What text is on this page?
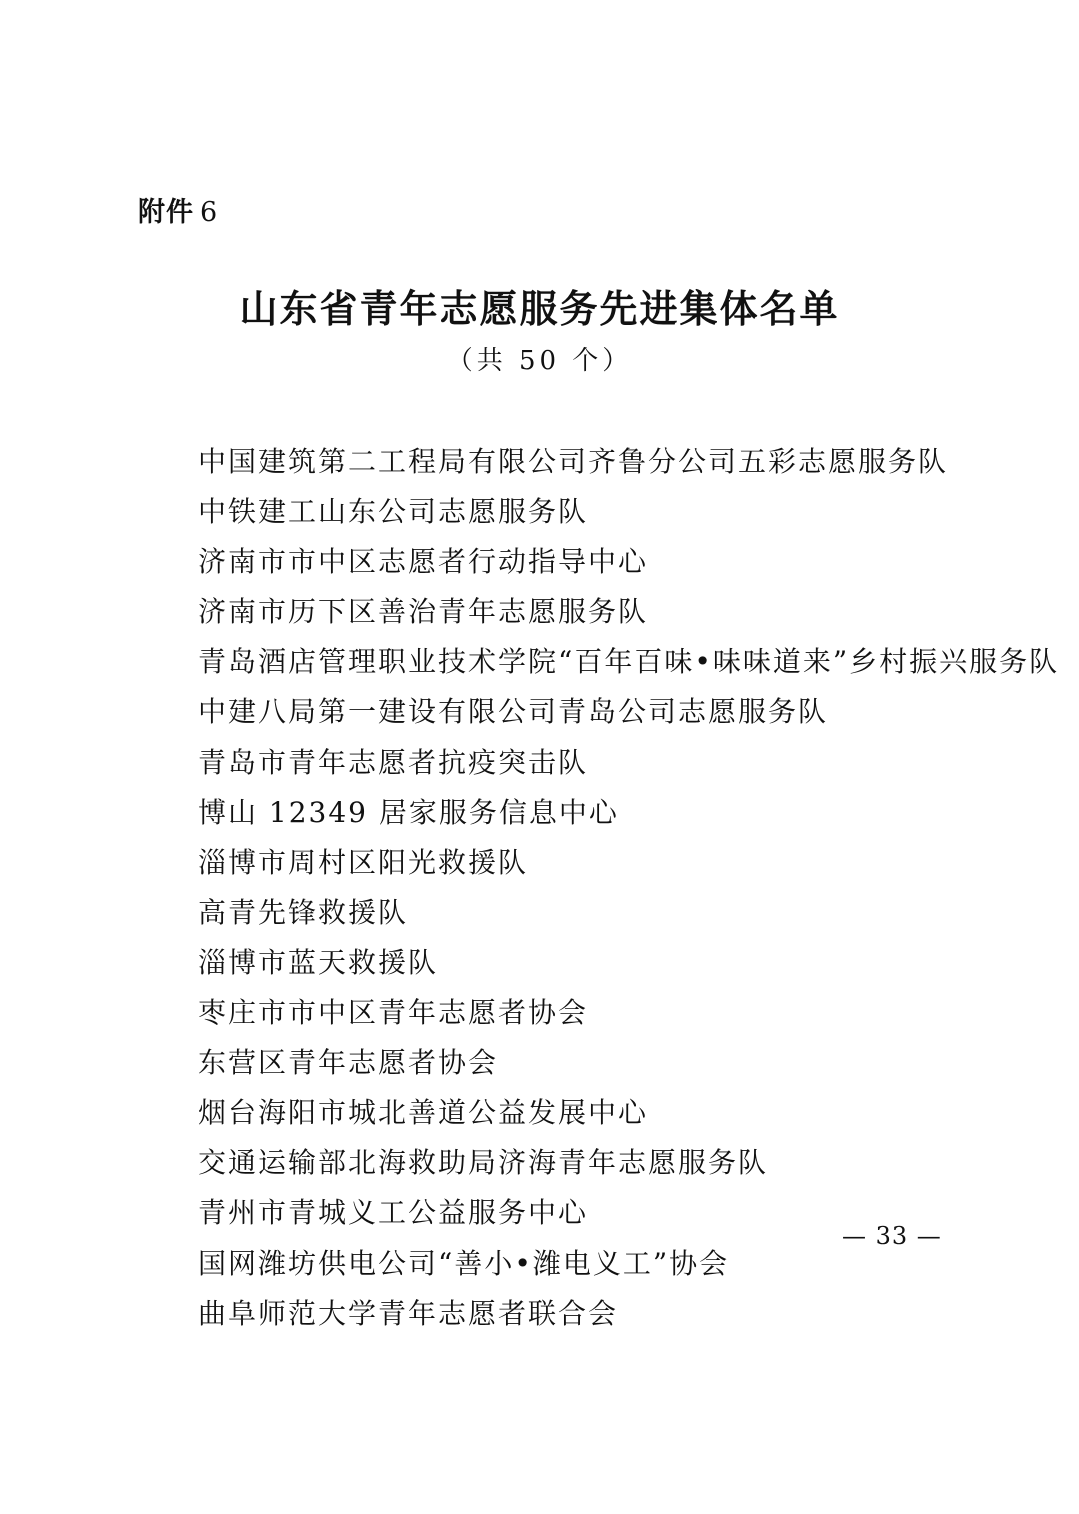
附件 6
山东省青年志愿服务先进集体名单
（共 50 个）
中国建筑第二工程局有限公司齐鲁分公司五彩志愿服务队
中铁建工山东公司志愿服务队
济南市市中区志愿者行动指导中心
济南市历下区善治青年志愿服务队
青岛酒店管理职业技术学院“百年百味•味味道来”乡村振兴服务队
中建八局第一建设有限公司青岛公司志愿服务队
青岛市青年志愿者抗疫突击队
博山 12349 居家服务信息中心
淄博市周村区阳光救援队
高青先锋救援队
淄博市蓝天救援队
枣庄市市中区青年志愿者协会
东营区青年志愿者协会
烟台海阳市城北善道公益发展中心
交通运输部北海救助局济海青年志愿服务队
青州市青城义工公益服务中心
国网潍坊供电公司“善小•潍电义工”协会
曲阜师范大学青年志愿者联合会
— 33 —
